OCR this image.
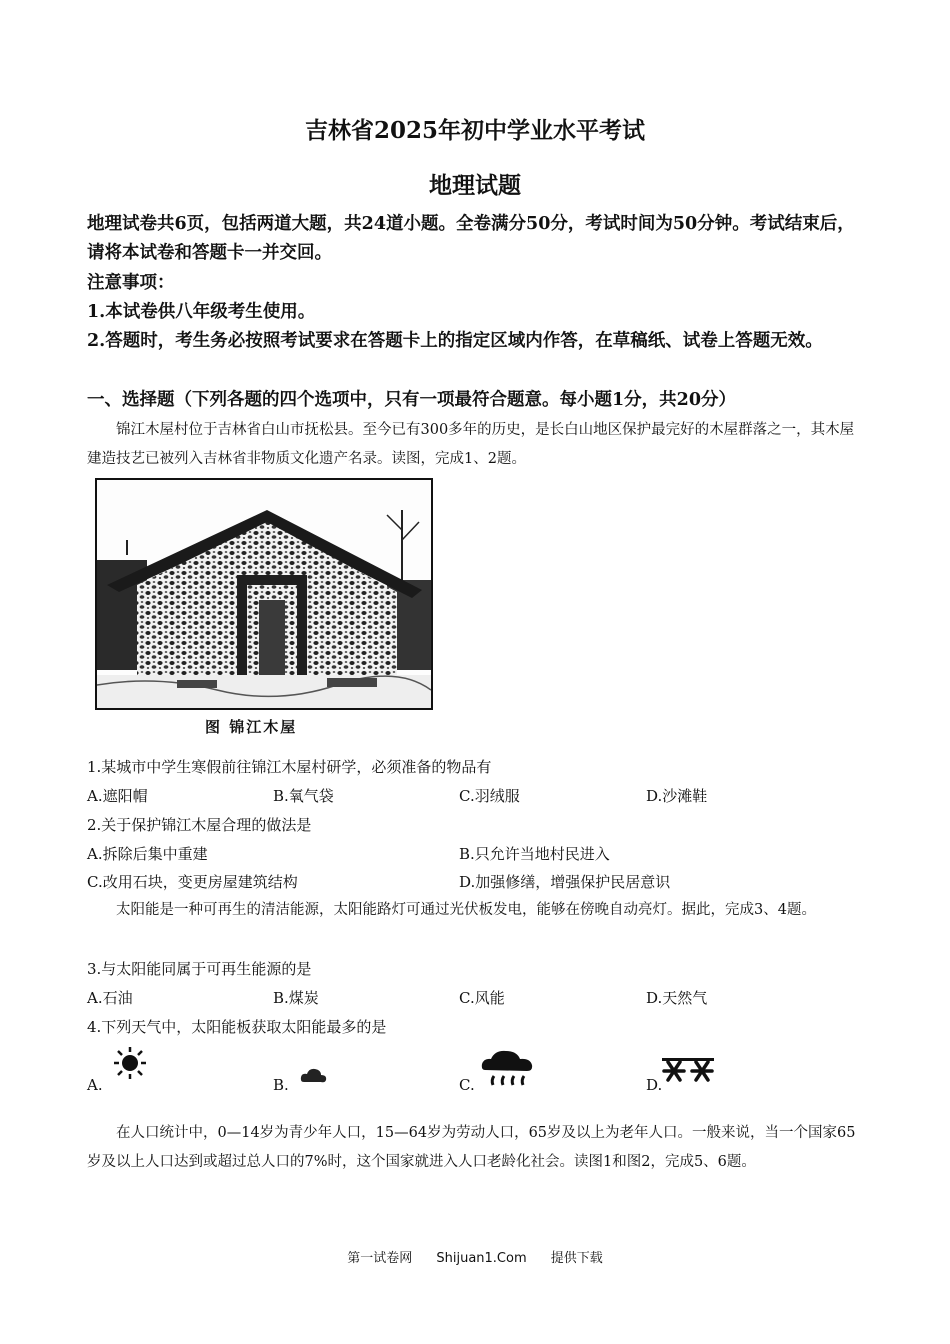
吉林省2025年初中学业水平考试
地理试题
地理试卷共6页，包括两道大题，共24道小题。全卷满分50分，考试时间为50分钟。考试结束后，请将本试卷和答题卡一并交回。
注意事项：
1.本试卷供八年级考生使用。
2.答题时，考生务必按照考试要求在答题卡上的指定区域内作答，在草稿纸、试卷上答题无效。
一、选择题（下列各题的四个选项中，只有一项最符合题意。每小题1分，共20分）
锦江木屋村位于吉林省白山市抚松县。至今已有300多年的历史，是长白山地区保护最完好的木屋群落之一，其木屋建造技艺已被列入吉林省非物质文化遗产名录。读图，完成1、2题。
图 锦江木屋
1.某城市中学生寒假前往锦江木屋村研学，必须准备的物品有
A.遮阳帽	B.氧气袋	C.羽绒服	D.沙滩鞋
2.关于保护锦江木屋合理的做法是
A.拆除后集中重建	B.只允许当地村民进入
C.改用石块，变更房屋建筑结构	D.加强修缮，增强保护民居意识
太阳能是一种可再生的清洁能源，太阳能路灯可通过光伏板发电，能够在傍晚自动亮灯。据此，完成3、4题。
3.与太阳能同属于可再生能源的是
A.石油	B.煤炭	C.风能	D.天然气
4.下列天气中，太阳能板获取太阳能最多的是
A.	B.	C.	D.
在人口统计中，0—14岁为青少年人口，15—64岁为劳动人口，65岁及以上为老年人口。一般来说，当一个国家65岁及以上人口达到或超过总人口的7%时，这个国家就进入人口老龄化社会。读图1和图2，完成5、6题。
第一试卷网 Shijuan1.Com 提供下载
